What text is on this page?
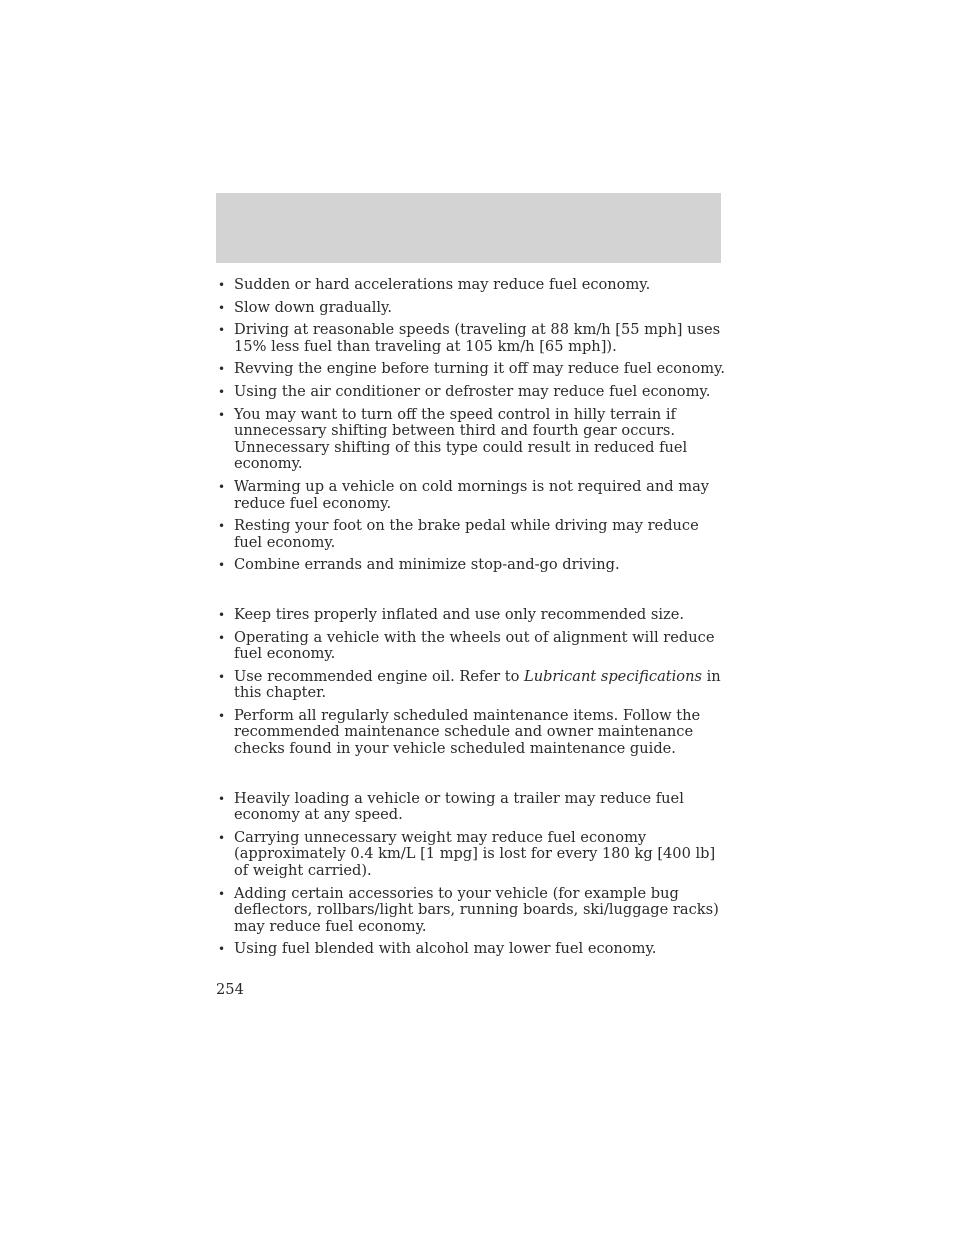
• Sudden or hard accelerations may reduce fuel economy.
• Slow down gradually.
• Driving at reasonable speeds (traveling at 88 km/h [55 mph] uses 15% less fuel than traveling at 105 km/h [65 mph]).
• Revving the engine before turning it off may reduce fuel economy.
• Using the air conditioner or defroster may reduce fuel economy.
• You may want to turn off the speed control in hilly terrain if unnecessary shifting between third and fourth gear occurs. Unnecessary shifting of this type could result in reduced fuel economy.
• Warming up a vehicle on cold mornings is not required and may reduce fuel economy.
• Resting your foot on the brake pedal while driving may reduce fuel economy.
• Combine errands and minimize stop-and-go driving.
• Keep tires properly inflated and use only recommended size.
• Operating a vehicle with the wheels out of alignment will reduce fuel economy.
• Use recommended engine oil. Refer to Lubricant specifications in this chapter.
• Perform all regularly scheduled maintenance items. Follow the recommended maintenance schedule and owner maintenance checks found in your vehicle scheduled maintenance guide.
• Heavily loading a vehicle or towing a trailer may reduce fuel economy at any speed.
• Carrying unnecessary weight may reduce fuel economy (approximately 0.4 km/L [1 mpg] is lost for every 180 kg [400 lb] of weight carried).
• Adding certain accessories to your vehicle (for example bug deflectors, rollbars/light bars, running boards, ski/luggage racks) may reduce fuel economy.
• Using fuel blended with alcohol may lower fuel economy.
254
